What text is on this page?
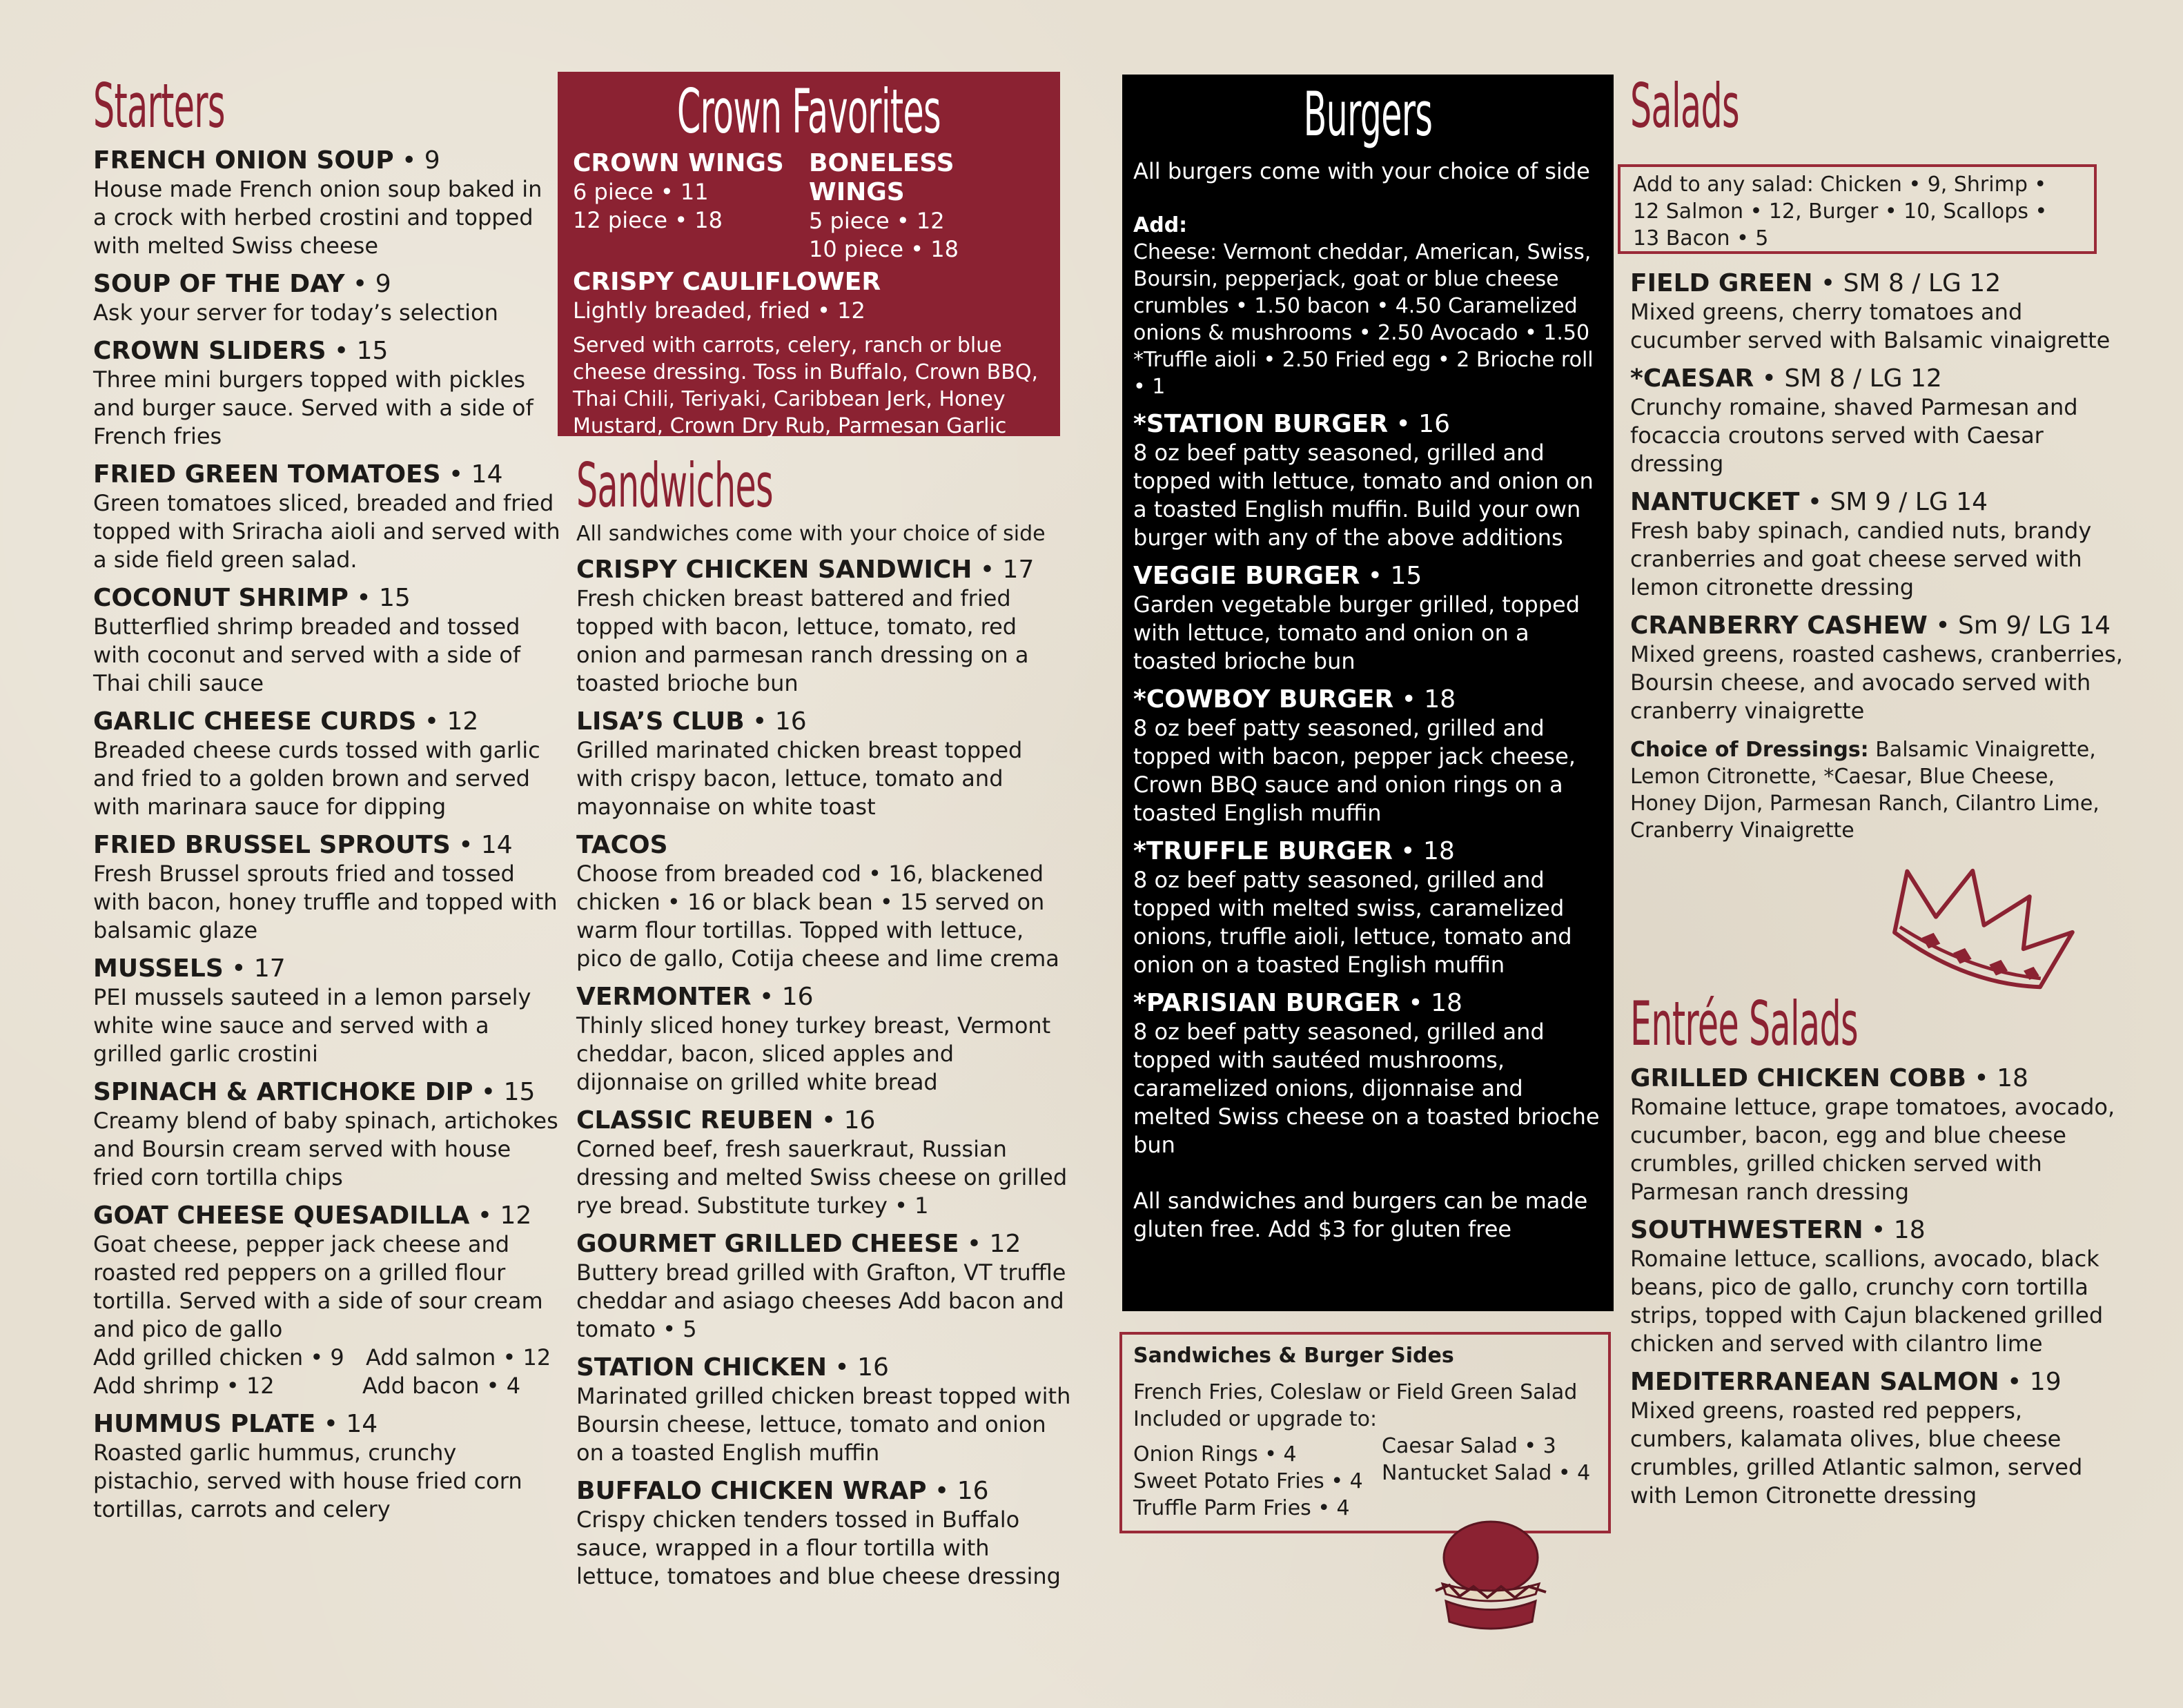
Starters
FRENCH ONION SOUP • 9
House made French onion soup baked in a crock with herbed crostini and topped with melted Swiss cheese
SOUP OF THE DAY • 9
Ask your server for today’s selection
CROWN SLIDERS • 15
Three mini burgers topped with pickles and burger sauce. Served with a side of French fries
FRIED GREEN TOMATOES • 14
Green tomatoes sliced, breaded and fried topped with Sriracha aioli and served with a side field green salad.
COCONUT SHRIMP • 15
Butterflied shrimp breaded and tossed with coconut and served with a side of Thai chili sauce
GARLIC CHEESE CURDS • 12
Breaded cheese curds tossed with garlic and fried to a golden brown and served with marinara sauce for dipping
FRIED BRUSSEL SPROUTS • 14
Fresh Brussel sprouts fried and tossed with bacon, honey truffle and topped with balsamic glaze
MUSSELS • 17
PEI mussels sauteed in a lemon parsely white wine sauce and served with a grilled garlic crostini
SPINACH & ARTICHOKE DIP • 15
Creamy blend of baby spinach, artichokes and Boursin cream served with house fried corn tortilla chips
GOAT CHEESE QUESADILLA • 12
Goat cheese, pepper jack cheese and roasted red peppers on a grilled flour tortilla. Served with a side of sour cream and pico de gallo
Add grilled chicken • 9 Add salmon • 12
Add shrimp • 12	Add bacon • 4
HUMMUS PLATE • 14
Roasted garlic hummus, crunchy pistachio, served with house fried corn tortillas, carrots and celery
Crown Favorites
CROWN WINGS
6 piece • 11
12 piece • 18
BONELESS WINGS
5 piece • 12
10 piece • 18
CRISPY CAULIFLOWER
Lightly breaded, fried • 12
Served with carrots, celery, ranch or blue cheese dressing. Toss in Buffalo, Crown BBQ, Thai Chili, Teriyaki, Caribbean Jerk, Honey Mustard, Crown Dry Rub, Parmesan Garlic
Sandwiches
All sandwiches come with your choice of side
CRISPY CHICKEN SANDWICH • 17
Fresh chicken breast battered and fried topped with bacon, lettuce, tomato, red onion and parmesan ranch dressing on a toasted brioche bun
LISA’S CLUB • 16
Grilled marinated chicken breast topped with crispy bacon, lettuce, tomato and mayonnaise on white toast
TACOS
Choose from breaded cod • 16, blackened chicken • 16 or black bean • 15 served on warm flour tortillas. Topped with lettuce, pico de gallo, Cotija cheese and lime crema
VERMONTER • 16
Thinly sliced honey turkey breast, Vermont cheddar, bacon, sliced apples and dijonnaise on grilled white bread
CLASSIC REUBEN • 16
Corned beef, fresh sauerkraut, Russian dressing and melted Swiss cheese on grilled rye bread. Substitute turkey • 1
GOURMET GRILLED CHEESE • 12
Buttery bread grilled with Grafton, VT truffle cheddar and asiago cheeses Add bacon and tomato • 5
STATION CHICKEN • 16
Marinated grilled chicken breast topped with Boursin cheese, lettuce, tomato and onion on a toasted English muffin
BUFFALO CHICKEN WRAP • 16
Crispy chicken tenders tossed in Buffalo sauce, wrapped in a flour tortilla with lettuce, tomatoes and blue cheese dressing
Burgers
All burgers come with your choice of side
Add:
Cheese: Vermont cheddar, American, Swiss, Boursin, pepperjack, goat or blue cheese crumbles • 1.50 bacon • 4.50 Caramelized onions & mushrooms • 2.50 Avocado • 1.50 *Truffle aioli • 2.50 Fried egg • 2 Brioche roll • 1
*STATION BURGER • 16
8 oz beef patty seasoned, grilled and topped with lettuce, tomato and onion on a toasted English muffin. Build your own burger with any of the above additions
VEGGIE BURGER • 15
Garden vegetable burger grilled, topped with lettuce, tomato and onion on a toasted brioche bun
*COWBOY BURGER • 18
8 oz beef patty seasoned, grilled and topped with bacon, pepper jack cheese, Crown BBQ sauce and onion rings on a toasted English muffin
*TRUFFLE BURGER • 18
8 oz beef patty seasoned, grilled and topped with melted swiss, caramelized onions, truffle aioli, lettuce, tomato and onion on a toasted English muffin
*PARISIAN BURGER • 18
8 oz beef patty seasoned, grilled and topped with sautéed mushrooms, caramelized onions, dijonnaise and melted Swiss cheese on a toasted brioche bun
All sandwiches and burgers can be made gluten free. Add $3 for gluten free
Sandwiches & Burger Sides
French Fries, Coleslaw or Field Green Salad Included or upgrade to:
Onion Rings • 4
Sweet Potato Fries • 4
Truffle Parm Fries • 4
Caesar Salad • 3
Nantucket Salad • 4
Salads
Add to any salad: Chicken • 9, Shrimp • 12 Salmon • 12, Burger • 10, Scallops • 13 Bacon • 5
FIELD GREEN • SM 8 / LG 12
Mixed greens, cherry tomatoes and cucumber served with Balsamic vinaigrette
*CAESAR • SM 8 / LG 12
Crunchy romaine, shaved Parmesan and focaccia croutons served with Caesar dressing
NANTUCKET • SM 9 / LG 14
Fresh baby spinach, candied nuts, brandy cranberries and goat cheese served with lemon citronette dressing
CRANBERRY CASHEW • Sm 9/ LG 14
Mixed greens, roasted cashews, cranberries, Boursin cheese, and avocado served with cranberry vinaigrette
Choice of Dressings: Balsamic Vinaigrette, Lemon Citronette, *Caesar, Blue Cheese, Honey Dijon, Parmesan Ranch, Cilantro Lime, Cranberry Vinaigrette
Entrée Salads
GRILLED CHICKEN COBB • 18
Romaine lettuce, grape tomatoes, avocado, cucumber, bacon, egg and blue cheese crumbles, grilled chicken served with Parmesan ranch dressing
SOUTHWESTERN • 18
Romaine lettuce, scallions, avocado, black beans, pico de gallo, crunchy corn tortilla strips, topped with Cajun blackened grilled chicken and served with cilantro lime
MEDITERRANEAN SALMON • 19
Mixed greens, roasted red peppers, cumbers, kalamata olives, blue cheese crumbles, grilled Atlantic salmon, served with Lemon Citronette dressing
